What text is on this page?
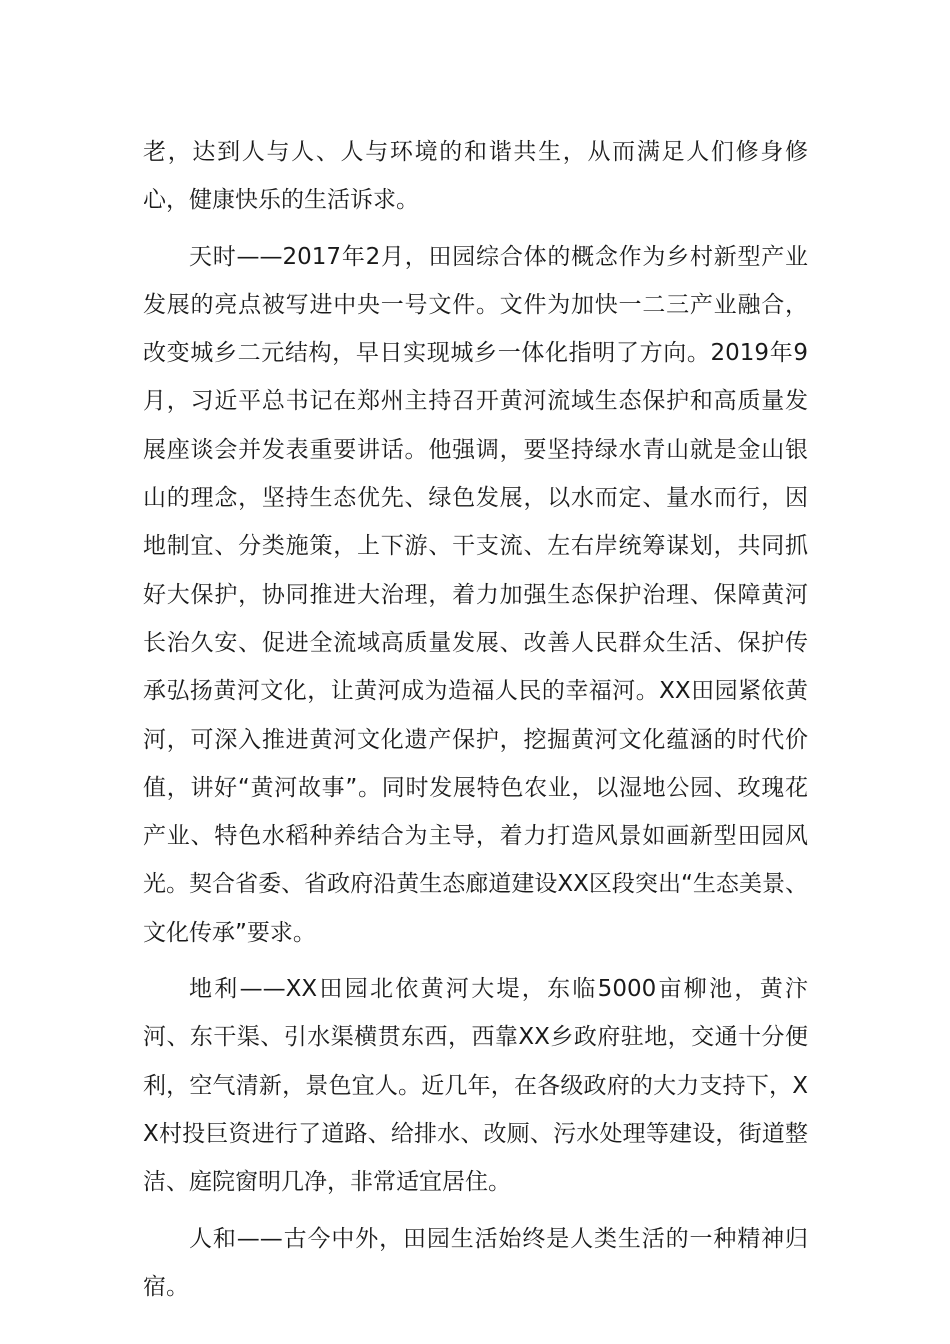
老，达到人与人、人与环境的和谐共生，从而满足人们修身修心，健康快乐的生活诉求。

天时——2017年2月，田园综合体的概念作为乡村新型产业发展的亮点被写进中央一号文件。文件为加快一二三产业融合，改变城乡二元结构，早日实现城乡一体化指明了方向。2019年9月，习近平总书记在郑州主持召开黄河流域生态保护和高质量发展座谈会并发表重要讲话。他强调，要坚持绿水青山就是金山银山的理念，坚持生态优先、绿色发展，以水而定、量水而行，因地制宜、分类施策，上下游、干支流、左右岸统筹谋划，共同抓好大保护，协同推进大治理，着力加强生态保护治理、保障黄河长治久安、促进全流域高质量发展、改善人民群众生活、保护传承弘扬黄河文化，让黄河成为造福人民的幸福河。XX田园紧依黄河，可深入推进黄河文化遗产保护，挖掘黄河文化蕴涵的时代价值，讲好“黄河故事”。同时发展特色农业，以湿地公园、玫瑰花产业、特色水稻种养结合为主导，着力打造风景如画新型田园风光。契合省委、省政府沿黄生态廊道建设XX区段突出“生态美景、文化传承”要求。

地利——XX田园北依黄河大堤，东临5000亩柳池，黄汴河、东干渠、引水渠横贯东西，西靠XX乡政府驻地，交通十分便利，空气清新，景色宜人。近几年，在各级政府的大力支持下，XX村投巨资进行了道路、给排水、改厕、污水处理等建设，街道整洁、庭院窗明几净，非常适宜居住。

人和——古今中外，田园生活始终是人类生活的一种精神归宿。
